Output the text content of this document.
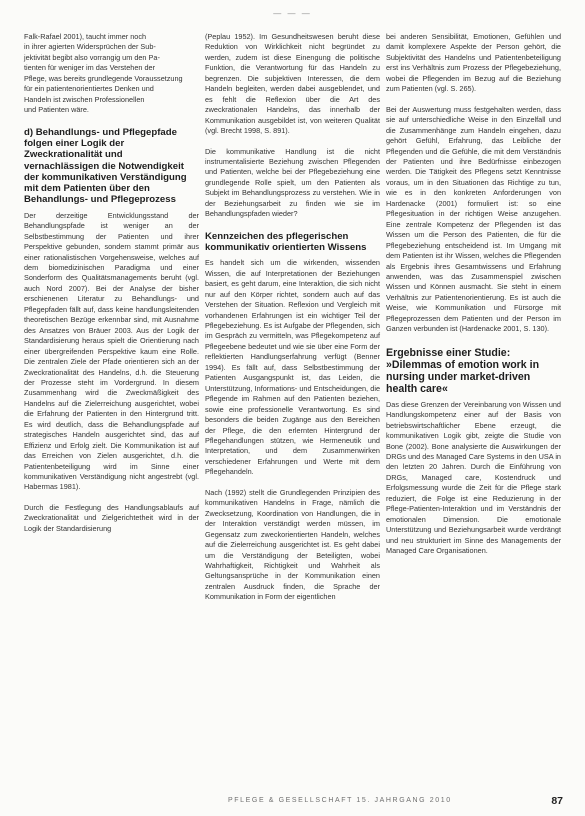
— — —

Falk-Rafael 2001), taucht immer noch
in ihrer agierten Widersprüchen der Sub-
jektivität begibt also vorrangig um den Pa-
tienten für weniger im das Verstehen der
Pflege, was bereits grundlegende Voraussetzung
für ein patientenorientiertes Denken und
Handeln ist zwischen Professionellen
und Patienten wäre.

d) Behandlungs- und Pflegepfade folgen einer Logik der Zweckrationalität und vernachlässigen die Notwendigkeit der kommunikativen Verständigung mit dem Patienten über den Behandlungs- und Pflegeprozess

Der derzeitige Entwicklungsstand der Behandlungspfade ist weniger an der Selbstbestimmung der Patienten und ihrer Perspektive gebunden, sondern stammt primär aus einer rationalistischen Vorgehensweise, welches auf dem biomedizinischen Paradigma und einer Sonderform des Qualitätsmanagements beruht (vgl. auch Nord 2007). Bei der Analyse der bisher erschienenen Literatur zu Behandlungs- und Pflegepfaden fällt auf, dass keine handlungsleitenden theoretischen Bezüge erkennbar sind, mit Ausnahme des Ansatzes von Bräuer 2003. Aus der Logik der Standardisierung heraus spielt die Orientierung nach einer übergreifenden Perspektive kaum eine Rolle. Die zentralen Ziele der Pfade orientieren sich an der Zweckrationalität des Handelns, d.h. die Steuerung der Prozesse steht im Vordergrund. In diesem Zusammenhang wird die Zweckmäßigkeit des Handelns auf die Zielerreichung ausgerichtet, wobei die Erfahrung der Patienten in den Hintergrund tritt. Es wird deutlich, dass die Behandlungspfade auf strategisches Handeln ausgerichtet sind, das auf Effizienz und Erfolg zielt. Die Kommunikation ist auf das Erreichen von Zielen ausgerichtet, d.h. die Patientenbeteiligung wird im Sinne einer kommunikativen Verständigung nicht angestrebt (vgl. Habermas 1981).

Durch die Festlegung des Handlungsablaufs auf Zweckrationalität und Zielgerichtetheit wird in der Logik der Standardisierung

(Peplau 1952). Im Gesundheitswesen beruht diese Reduktion von Wirklichkeit nicht begründet zu werden, zudem ist diese Einengung die politische Funktion, die Verantwortung für das Handeln zu begrenzen. Die subjektiven Interessen, die dem Handeln begleiten, werden dabei ausgeblendet, und es fehlt die Reflexion über die Art des zweckrationalen Handelns, das innerhalb der Kommunikation ausgebildet ist, von weiteren Qualität (vgl. Brecht 1998, S. 891).

Die kommunikative Handlung ist die nicht instrumentalisierte Beziehung zwischen Pflegenden und Patienten, welche bei der Pflegebeziehung eine grundlegende Rolle spielt, um den Patienten als Subjekt im Behandlungsprozess zu verstehen. Wie in der Beziehungsarbeit zu finden wie sie im Behandlungspfaden wieder?

Kennzeichen des pflegerischen kommunikativ orientierten Wissens

Es handelt sich um die wirkenden, wissenden Wissen, die auf Interpretationen der Beziehungen basiert, es geht darum, eine Interaktion, die sich nicht nur auf den Körper richtet, sondern auch auf das Verstehen der Situation. Reflexion und Vergleich mit vorhandenen Erfahrungen ist ein wichtiger Teil der Pflegebeziehung. Es ist Aufgabe der Pflegenden, sich im Gespräch zu vermitteln, was Pflegekompetenz auf Pflegeebene bedeutet und wie sie über eine Form der reflektierten Handlungserfahrung verfügt (Benner 1994). Es fällt auf, dass Selbstbestimmung der Patienten Ausgangspunkt ist, das Leiden, die Unterstützung, Informations- und Entscheidungen, die Pflegende im Rahmen auf den Patienten beziehen, sowie eine professionelle Verantwortung. Es sind besonders die beiden Zugänge aus den Bereichen der Pflege, die den erlernten Hintergrund der Pflegehandlungen stützen, wie Hermeneutik und Interpretation, und dem Zusammenwirken verschiedener Erfahrungen und Werte mit dem Pflegehandeln.

Nach (1992) stellt die Grundlegenden Prinzipien des kommunikativen Handelns in Frage, nämlich die Zwecksetzung, Koordination von Handlungen, die in der Interaktion verständigt werden müssen, im Gegensatz zum zweckorientierten Handeln, welches auf die Zielerreichung ausgerichtet ist. Es geht dabei um die Verständigung der Beteiligten, wobei Wahrhaftigkeit, Richtigkeit und Wahrheit als Geltungsansprüche in der Kommunikation einen zentralen Ausdruck finden, die Sprache der Kommunikation in Form der eigentlichen

bei anderen Sensibilität, Emotionen, Gefühlen und damit komplexere Aspekte der Person gehört, die Subjektivität des Handelns und Patientenbeteiligung erst ins Verhältnis zum Prozess der Pflegebeziehung, wobei die Pflegenden im Bezug auf die Beziehung zum Patienten (vgl. S. 265).

Bei der Auswertung muss festgehalten werden, dass sie auf unterschiedliche Weise in den Einzelfall und die Zusammenhänge zum Handeln eingehen, dazu gehört Gefühl, Erfahrung, das Leibliche der Pflegenden und die Gefühle, die mit dem Verständnis der Patienten und ihre Bedürfnisse einbezogen werden. Die Tätigkeit des Pflegens setzt Kenntnisse voraus, um in den Situationen das Richtige zu tun, wie es in den konkreten Anforderungen von Hardenacke (2001) formuliert ist: so eine Pflegesituation in der richtigen Weise anzugehen. Eine zentrale Kompetenz der Pflegenden ist das Wissen um die Person des Patienten, die für die Pflegebeziehung entscheidend ist. Im Umgang mit dem Patienten ist ihr Wissen, welches die Pflegenden als Ergebnis ihres Gesamtwissens und Erfahrung anwenden, was das Zusammenspiel zwischen Wissen und Können ausmacht. Sie steht in einem Verhältnis zur Patientenorientierung. Es ist auch die Weise, wie Kommunikation und Fürsorge mit Pflegeprozessen dem Patienten und der Person im Ganzen verbunden ist (Hardenacke 2001, S. 130).

Ergebnisse einer Studie: »Dilemmas of emotion work in nursing under market-driven health care«

Das diese Grenzen der Vereinbarung von Wissen und Handlungskompetenz einer auf der Basis von betriebswirtschaftlicher Ebene erzeugt, die kommunikativen Logik gibt, zeigte die Studie von Bone (2002). Bone analysierte die Auswirkungen der DRGs und des Managed Care Systems in den USA in den letzten 20 Jahren. Durch die Einführung von DRGs, Managed care, Kostendruck und Erfolgsmessung wurde die Zeit für die Pflege stark reduziert, die Folge ist eine Reduzierung in der Pflege-Patienten-Interaktion und im Verständnis der emotionalen Dimension. Die emotionale Unterstützung und Beziehungsarbeit wurde verdrängt und neu strukturiert im Sinne des Managements der Managed Care Organisationen.

PFLEGE & GESELLSCHAFT 15. JAHRGANG 2010	87
